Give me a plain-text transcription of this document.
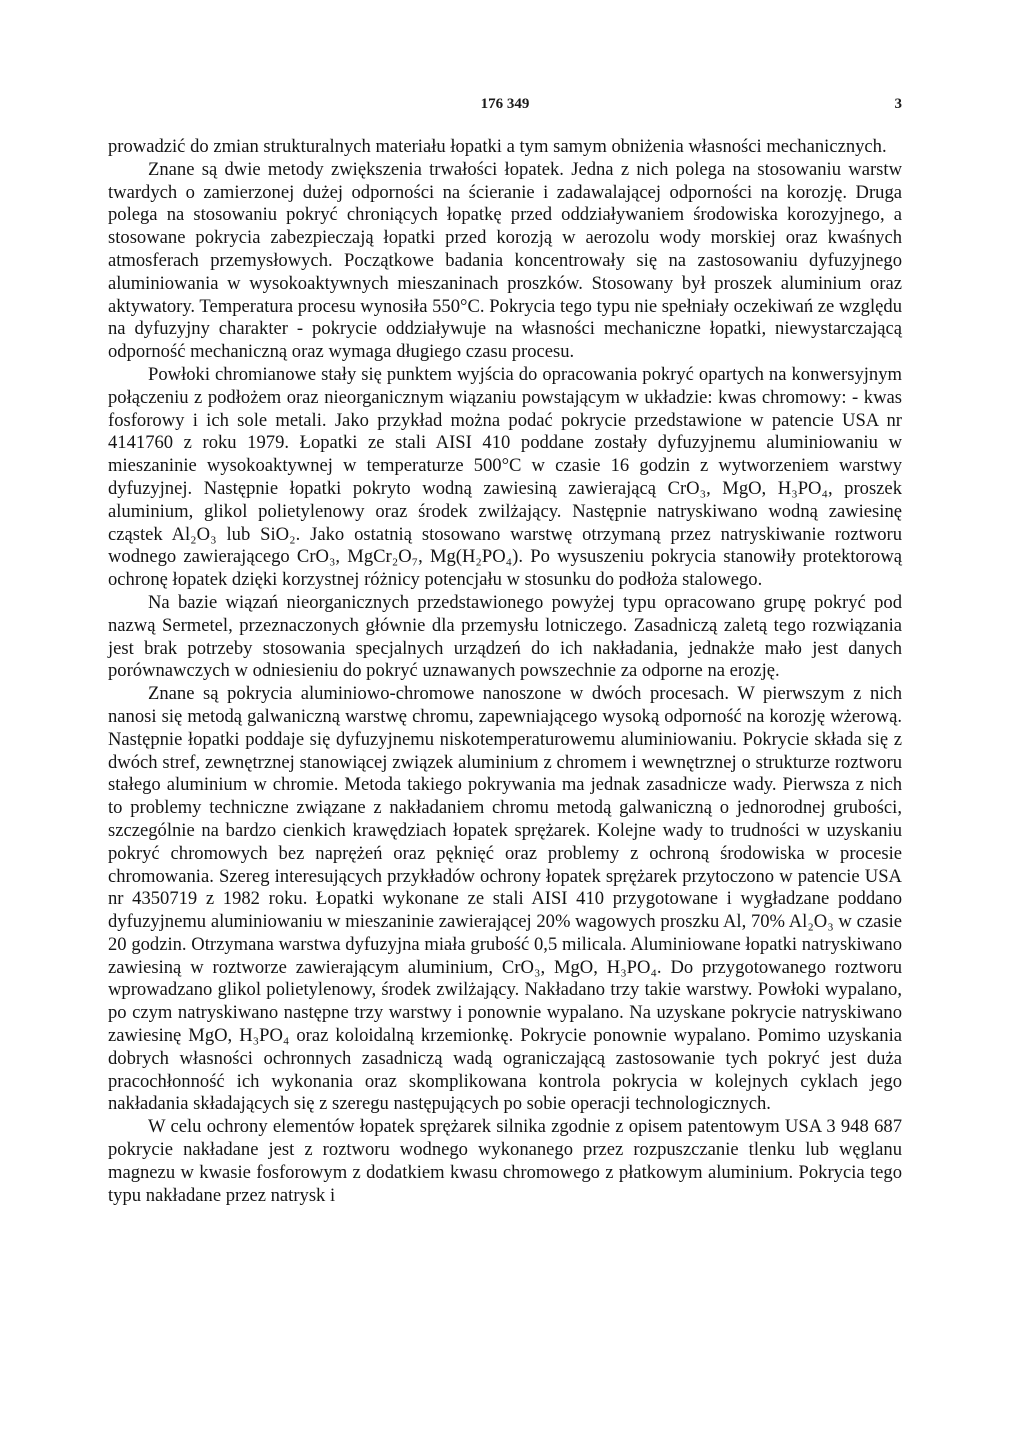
176 349	3

prowadzić do zmian strukturalnych materiału łopatki a tym samym obniżenia własności mechanicznych.

Znane są dwie metody zwiększenia trwałości łopatek. Jedna z nich polega na stosowaniu warstw twardych o zamierzonej dużej odporności na ścieranie i zadawalającej odporności na korozję. Druga polega na stosowaniu pokryć chroniących łopatkę przed oddziaływaniem środowiska korozyjnego, a stosowane pokrycia zabezpieczają łopatki przed korozją w aerozolu wody morskiej oraz kwaśnych atmosferach przemysłowych. Początkowe badania koncentrowały się na zastosowaniu dyfuzyjnego aluminiowania w wysokoaktywnych mieszaninach proszków. Stosowany był proszek aluminium oraz aktywatory. Temperatura procesu wynosiła 550°C. Pokrycia tego typu nie spełniały oczekiwań ze względu na dyfuzyjny charakter - pokrycie oddziaływuje na własności mechaniczne łopatki, niewystarczającą odporność mechaniczną oraz wymaga długiego czasu procesu.

Powłoki chromianowe stały się punktem wyjścia do opracowania pokryć opartych na konwersyjnym połączeniu z podłożem oraz nieorganicznym wiązaniu powstającym w układzie: kwas chromowy: - kwas fosforowy i ich sole metali. Jako przykład można podać pokrycie przedstawione w patencie USA nr 4141760 z roku 1979. Łopatki ze stali AISI 410 poddane zostały dyfuzyjnemu aluminiowaniu w mieszaninie wysokoaktywnej w temperaturze 500°C w czasie 16 godzin z wytworzeniem warstwy dyfuzyjnej. Następnie łopatki pokryto wodną zawiesiną zawierającą CrO₃, MgO, H₃PO₄, proszek aluminium, glikol polietylenowy oraz środek zwilżający. Następnie natryskiwano wodną zawiesinę cząstek Al₂O₃ lub SiO₂. Jako ostatnią stosowano warstwę otrzymaną przez natryskiwanie roztworu wodnego zawierającego CrO₃, MgCr₂O₇, Mg(H₂PO₄). Po wysuszeniu pokrycia stanowiły protektorową ochronę łopatek dzięki korzystnej różnicy potencjału w stosunku do podłoża stalowego.

Na bazie wiązań nieorganicznych przedstawionego powyżej typu opracowano grupę pokryć pod nazwą Sermetel, przeznaczonych głównie dla przemysłu lotniczego. Zasadniczą zaletą tego rozwiązania jest brak potrzeby stosowania specjalnych urządzeń do ich nakładania, jednakże mało jest danych porównawczych w odniesieniu do pokryć uznawanych powszechnie za odporne na erozję.

Znane są pokrycia aluminiowo-chromowe nanoszone w dwóch procesach. W pierwszym z nich nanosi się metodą galwaniczną warstwę chromu, zapewniającego wysoką odporność na korozję wżerową. Następnie łopatki poddaje się dyfuzyjnemu niskotemperaturowemu aluminiowaniu. Pokrycie składa się z dwóch stref, zewnętrznej stanowiącej związek aluminium z chromem i wewnętrznej o strukturze roztworu stałego aluminium w chromie. Metoda takiego pokrywania ma jednak zasadnicze wady. Pierwsza z nich to problemy techniczne związane z nakładaniem chromu metodą galwaniczną o jednorodnej grubości, szczególnie na bardzo cienkich krawędziach łopatek sprężarek. Kolejne wady to trudności w uzyskaniu pokryć chromowych bez naprężeń oraz pęknięć oraz problemy z ochroną środowiska w procesie chromowania. Szereg interesujących przykładów ochrony łopatek sprężarek przytoczono w patencie USA nr 4350719 z 1982 roku. Łopatki wykonane ze stali AISI 410 przygotowane i wygładzane poddano dyfuzyjnemu aluminiowaniu w mieszaninie zawierającej 20% wagowych proszku Al, 70% Al₂O₃ w czasie 20 godzin. Otrzymana warstwa dyfuzyjna miała grubość 0,5 milicala. Aluminiowane łopatki natryskiwano zawiesiną w roztworze zawierającym aluminium, CrO₃, MgO, H₃PO₄. Do przygotowanego roztworu wprowadzano glikol polietylenowy, środek zwilżający. Nakładano trzy takie warstwy. Powłoki wypalano, po czym natryskiwano następne trzy warstwy i ponownie wypalano. Na uzyskane pokrycie natryskiwano zawiesinę MgO, H₃PO₄ oraz koloidalną krzemionkę. Pokrycie ponownie wypalano. Pomimo uzyskania dobrych własności ochronnych zasadniczą wadą ograniczającą zastosowanie tych pokryć jest duża pracochłonność ich wykonania oraz skomplikowana kontrola pokrycia w kolejnych cyklach jego nakładania składających się z szeregu następujących po sobie operacji technologicznych.

W celu ochrony elementów łopatek sprężarek silnika zgodnie z opisem patentowym USA 3 948 687 pokrycie nakładane jest z roztworu wodnego wykonanego przez rozpuszczanie tlenku lub węglanu magnezu w kwasie fosforowym z dodatkiem kwasu chromowego z płatkowym aluminium. Pokrycia tego typu nakładane przez natrysk i
